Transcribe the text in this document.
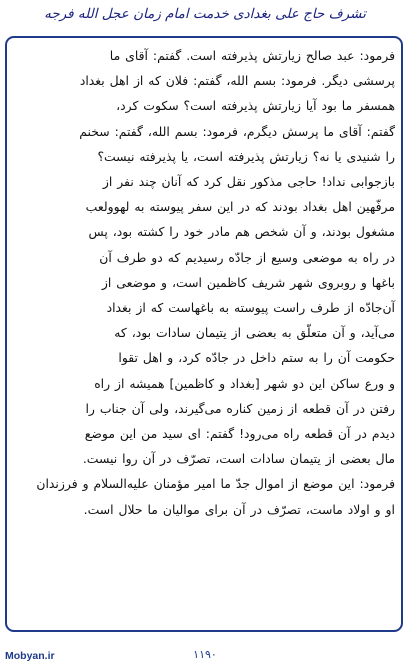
تشرف حاج علی بغدادی خدمت امام زمان عجل الله فرجه
فرمود: عبد صالح زیارتش پذیرفته است. گفتم: آقای ما
پرسشی دیگر. فرمود: بسم الله، گفتم: فلان که از اهل بغداد
همسفر ما بود آیا زیارتش پذیرفته است؟ سکوت کرد،
گفتم: آقای ما پرسش دیگرم، فرمود: بسم الله، گفتم: سخنم
را شنیدی یا نه؟ زیارتش پذیرفته است، یا پذیرفته نیست؟
بازجوابی نداد! حاجی مذکور نقل کرد که آنان چند نفر از
مرفّهین اهل بغداد بودند که در این سفر پیوسته به لهوولعب
مشغول بودند، و آن شخص هم مادر خود را کشته بود، پس
در راه به موضعی وسیع از جادّه رسیدیم که دو طرف آن
باغها و روبروی شهر شریف کاظمین است، و موضعی از
آن‌جادّه از طرف راست پیوسته به باغهاست که از بغداد
می‌آید، و آن متعلّق به بعضی از یتیمان سادات بود، که
حکومت آن را به ستم داخل در جادّه کرد، و اهل تقوا
و ورع ساکن این دو شهر [بغداد و کاظمین] همیشه از راه
رفتن در آن قطعه از زمین کناره می‌گیرند، ولی آن جناب را
دیدم در آن قطعه راه می‌رود! گفتم: ای سید من این موضع
مال بعضی از یتیمان سادات است، تصرّف در آن روا نیست.
فرمود: این موضع از اموال جدّ ما امیر مؤمنان علیه‌السلام و فرزندان
او و اولاد ماست، تصرّف در آن برای موالیان ما حلال است.
Mobyan.ir	۱۱۹۰
